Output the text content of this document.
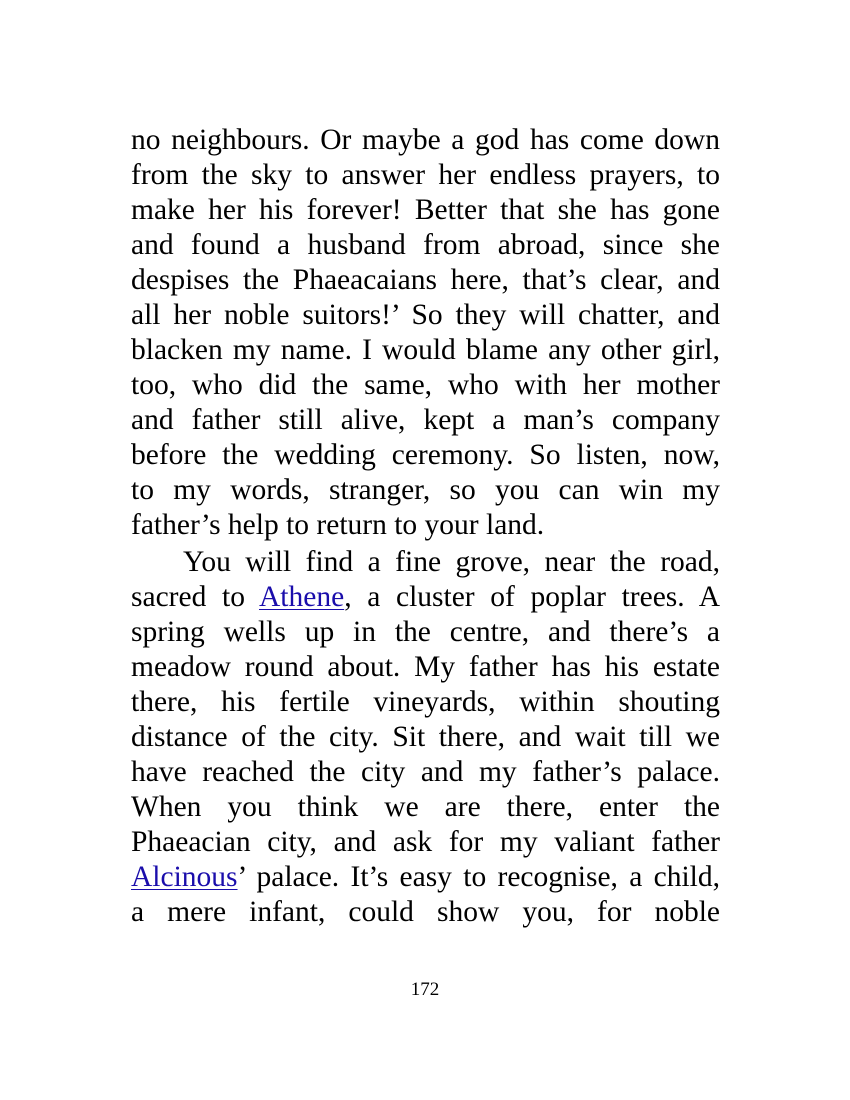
no neighbours. Or maybe a god has come down
from the sky to answer her endless prayers, to
make her his forever! Better that she has gone
and found a husband from abroad, since she
despises the Phaeacaians here, that’s clear, and
all her noble suitors!’ So they will chatter, and
blacken my name. I would blame any other girl,
too, who did the same, who with her mother
and father still alive, kept a man’s company
before the wedding ceremony. So listen, now,
to my words, stranger, so you can win my
father’s help to return to your land.
You will find a fine grove, near the road,
sacred to Athene, a cluster of poplar trees. A
spring wells up in the centre, and there’s a
meadow round about. My father has his estate
there, his fertile vineyards, within shouting
distance of the city. Sit there, and wait till we
have reached the city and my father’s palace.
When you think we are there, enter the
Phaeacian city, and ask for my valiant father
Alcinous’ palace. It’s easy to recognise, a child,
a mere infant, could show you, for noble
172
